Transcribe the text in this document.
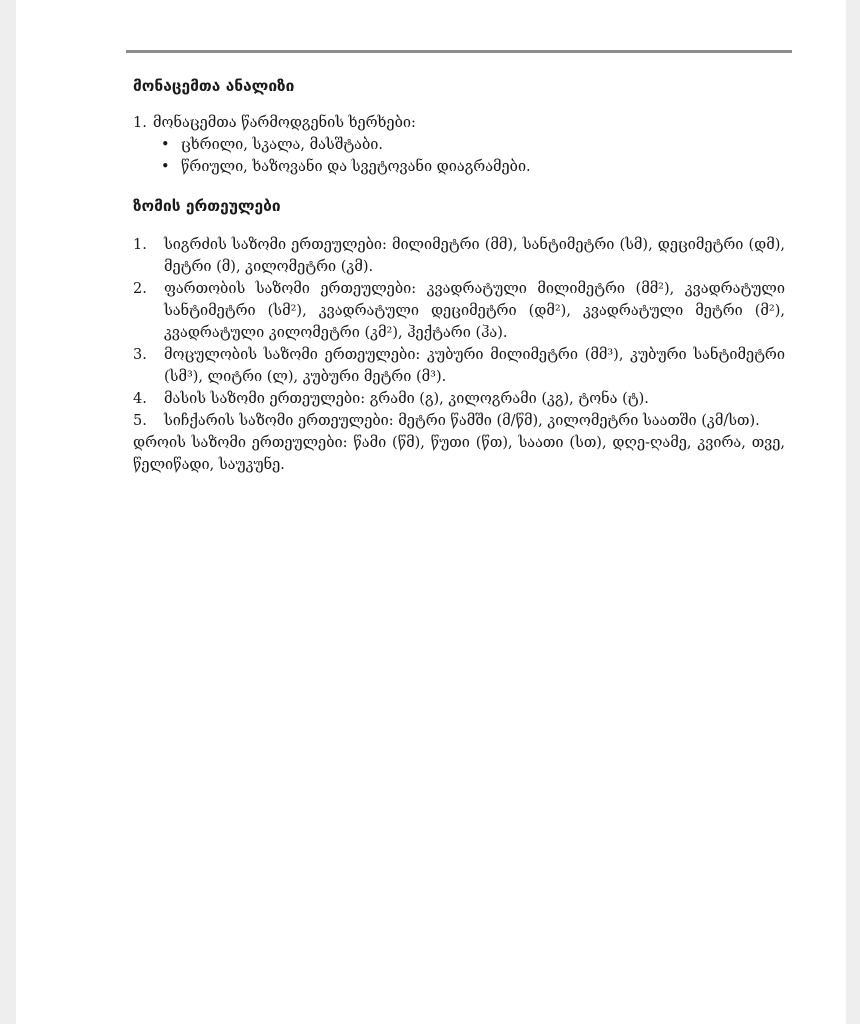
მონაცემთა ანალიზი
1. მონაცემთა წარმოდგენის ხერხები:
• ცხრილი, სკალა, მასშტაბი.
• წრიული, ხაზოვანი და სვეტოვანი დიაგრამები.
ზომის ერთეულები
1.	სიგრძის საზომი ერთეულები: მილიმეტრი (მმ), სანტიმეტრი (სმ), დეციმეტრი (დმ), მეტრი (მ), კილომეტრი (კმ).
2.	ფართობის საზომი ერთეულები: კვადრატული მილიმეტრი (მმ²), კვადრატული სანტიმეტრი (სმ²), კვადრატული დეციმეტრი (დმ²), კვადრატული მეტრი (მ²), კვადრატული კილომეტრი (კმ²), ჰექტარი (ჰა).
3.	მოცულობის საზომი ერთეულები: კუბური მილიმეტრი (მმ³), კუბური სანტიმეტრი (სმ³), ლიტრი (ლ), კუბური მეტრი (მ³).
4.	მასის საზომი ერთეულები: გრამი (გ), კილოგრამი (კგ), ტონა (ტ).
5.	სიჩქარის საზომი ერთეულები: მეტრი წამში (მ/წმ), კილომეტრი საათში (კმ/სთ).

დროის საზომი ერთეულები: წამი (წმ), წუთი (წთ), საათი (სთ), დღე-ღამე, კვირა, თვე, წელიწადი, საუკუნე.
